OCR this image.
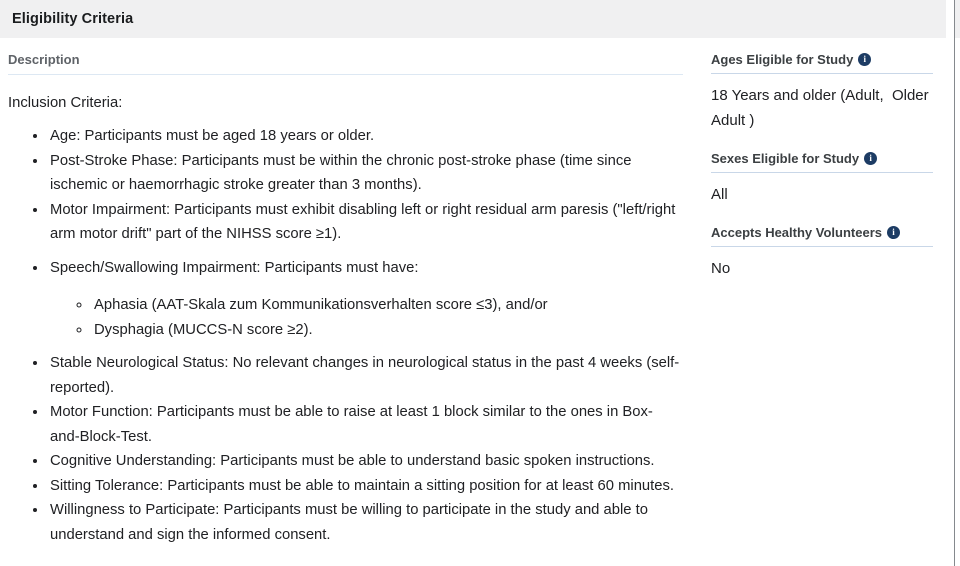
Eligibility Criteria
Description

Inclusion Criteria:

• Age: Participants must be aged 18 years or older.
• Post-Stroke Phase: Participants must be within the chronic post-stroke phase (time since ischemic or haemorrhagic stroke greater than 3 months).
• Motor Impairment: Participants must exhibit disabling left or right residual arm paresis ("left/right arm motor drift" part of the NIHSS score ≥1).
• Speech/Swallowing Impairment: Participants must have:
◦ Aphasia (AAT-Skala zum Kommunikationsverhalten score ≤3), and/or
◦ Dysphagia (MUCCS-N score ≥2).
• Stable Neurological Status: No relevant changes in neurological status in the past 4 weeks (self-reported).
• Motor Function: Participants must be able to raise at least 1 block similar to the ones in Box-and-Block-Test.
• Cognitive Understanding: Participants must be able to understand basic spoken instructions.
• Sitting Tolerance: Participants must be able to maintain a sitting position for at least 60 minutes.
• Willingness to Participate: Participants must be willing to participate in the study and able to understand and sign the informed consent.
Ages Eligible for Study	i
18 Years and older (Adult,  Older Adult )
Sexes Eligible for Study	i
All
Accepts Healthy Volunteers	i
No
